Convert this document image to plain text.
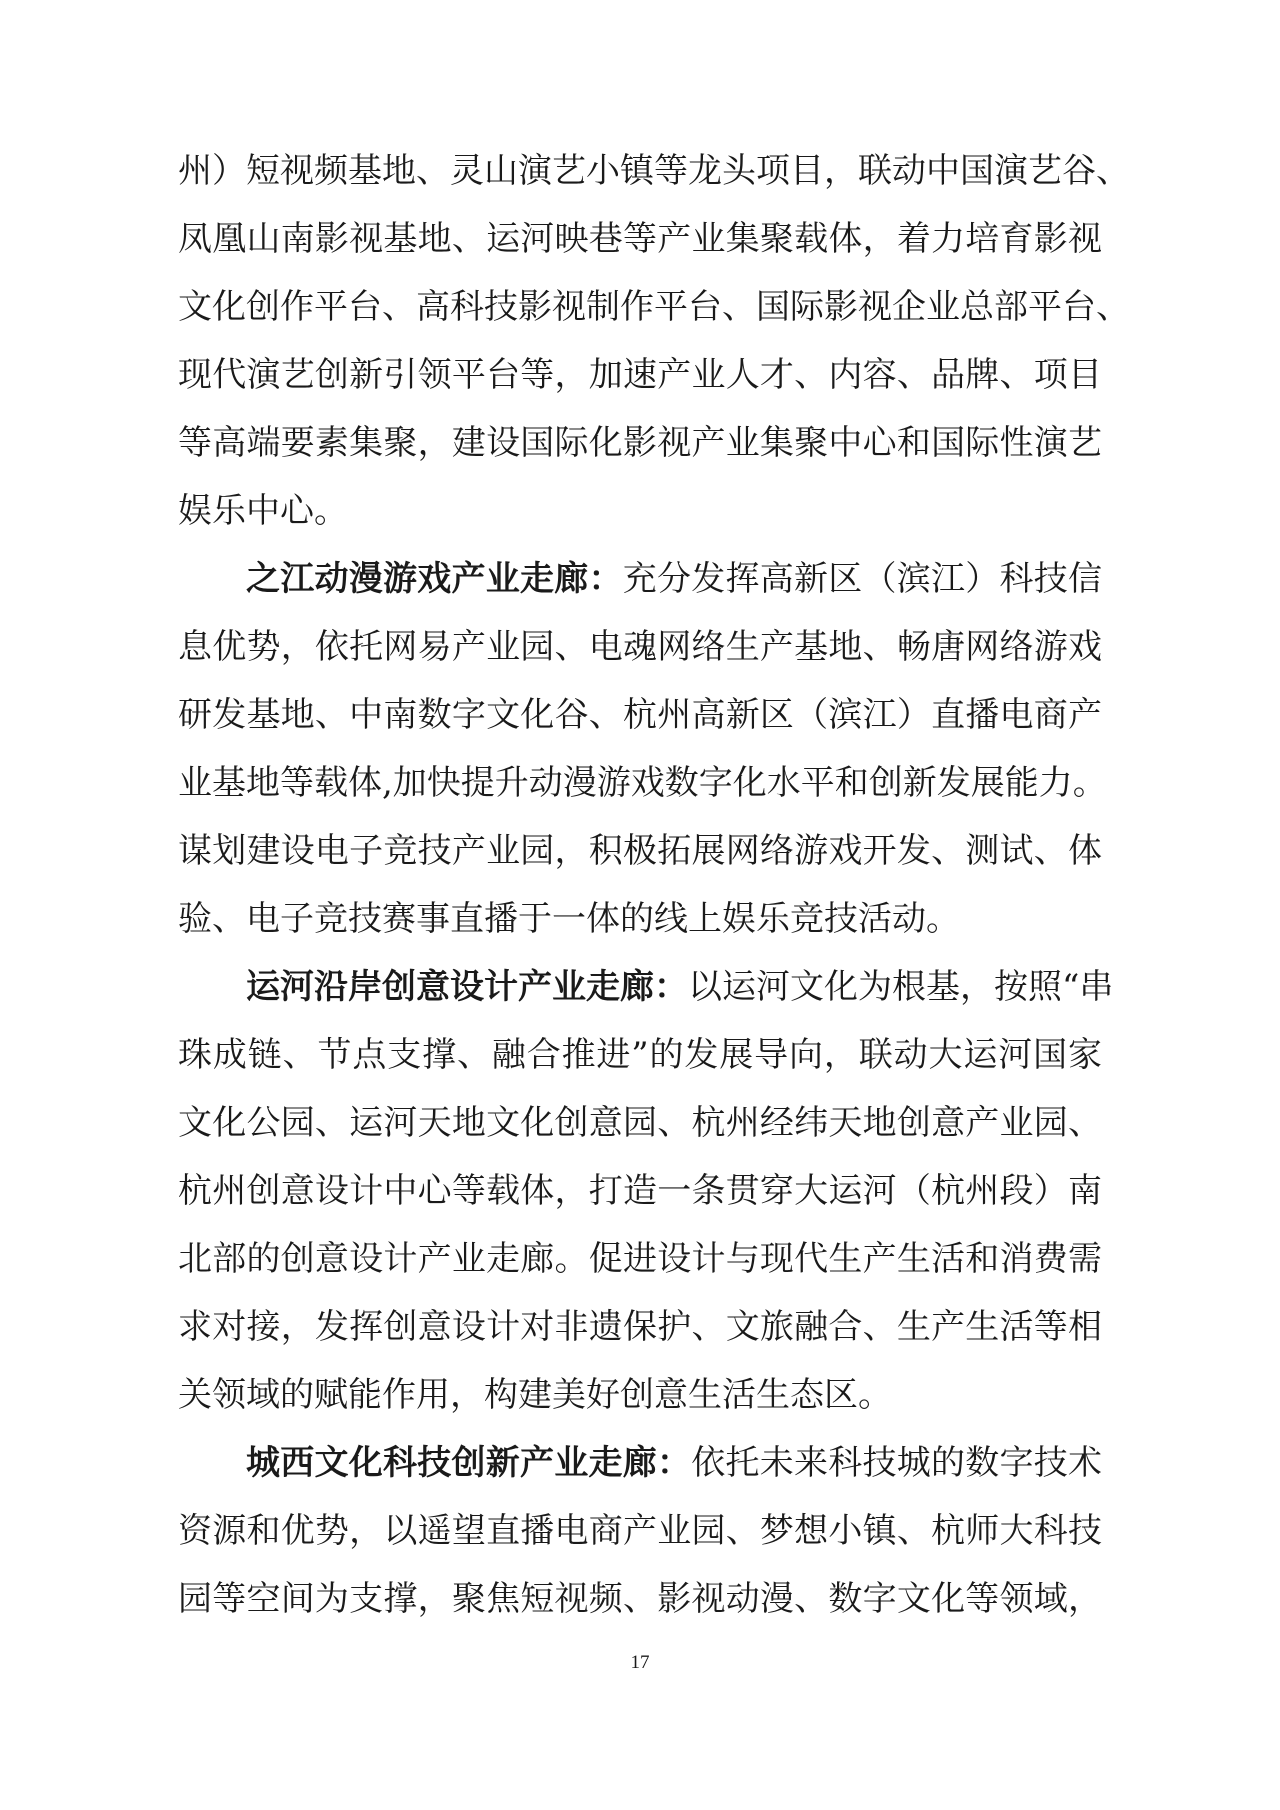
州）短视频基地、灵山演艺小镇等龙头项目，联动中国演艺谷、
凤凰山南影视基地、运河映巷等产业集聚载体，着力培育影视
文化创作平台、高科技影视制作平台、国际影视企业总部平台、
现代演艺创新引领平台等，加速产业人才、内容、品牌、项目
等高端要素集聚，建设国际化影视产业集聚中心和国际性演艺
娱乐中心。
之江动漫游戏产业走廊：充分发挥高新区（滨江）科技信
息优势，依托网易产业园、电魂网络生产基地、畅唐网络游戏
研发基地、中南数字文化谷、杭州高新区（滨江）直播电商产
业基地等载体,加快提升动漫游戏数字化水平和创新发展能力。
谋划建设电子竞技产业园，积极拓展网络游戏开发、测试、体
验、电子竞技赛事直播于一体的线上娱乐竞技活动。
运河沿岸创意设计产业走廊：以运河文化为根基，按照“串
珠成链、节点支撑、融合推进”的发展导向，联动大运河国家
文化公园、运河天地文化创意园、杭州经纬天地创意产业园、
杭州创意设计中心等载体，打造一条贯穿大运河（杭州段）南
北部的创意设计产业走廊。促进设计与现代生产生活和消费需
求对接，发挥创意设计对非遗保护、文旅融合、生产生活等相
关领域的赋能作用，构建美好创意生活生态区。
城西文化科技创新产业走廊：依托未来科技城的数字技术
资源和优势，以遥望直播电商产业园、梦想小镇、杭师大科技
园等空间为支撑，聚焦短视频、影视动漫、数字文化等领域，
17
